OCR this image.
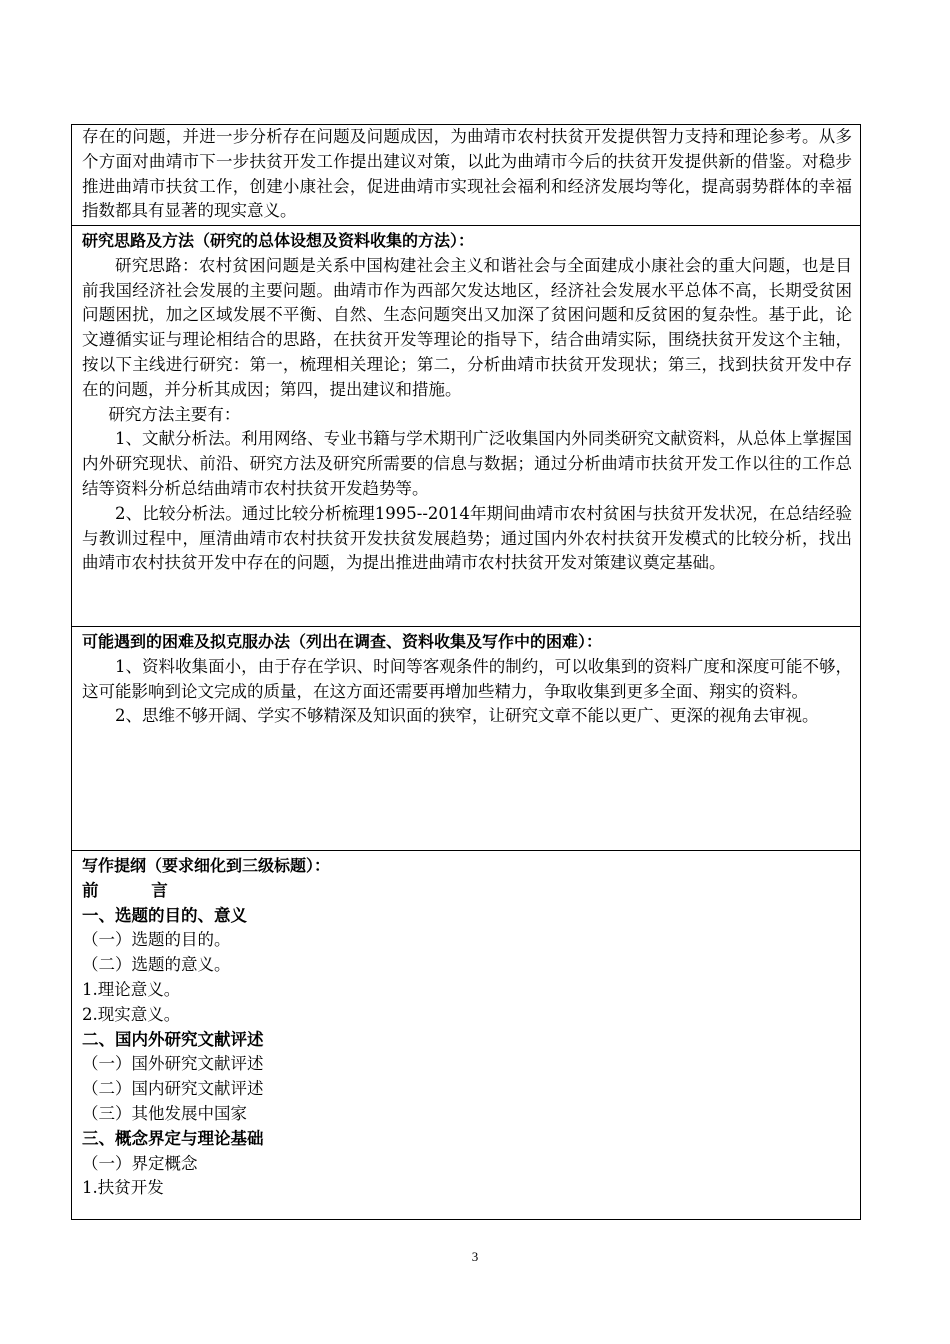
存在的问题，并进一步分析存在问题及问题成因，为曲靖市农村扶贫开发提供智力支持和理论参考。从多个方面对曲靖市下一步扶贫开发工作提出建议对策，以此为曲靖市今后的扶贫开发提供新的借鉴。对稳步推进曲靖市扶贫工作，创建小康社会，促进曲靖市实现社会福利和经济发展均等化，提高弱势群体的幸福指数都具有显著的现实意义。

研究思路及方法（研究的总体设想及资料收集的方法）：

研究思路：农村贫困问题是关系中国构建社会主义和谐社会与全面建成小康社会的重大问题，也是目前我国经济社会发展的主要问题。曲靖市作为西部欠发达地区，经济社会发展水平总体不高，长期受贫困问题困扰，加之区域发展不平衡、自然、生态问题突出又加深了贫困问题和反贫困的复杂性。基于此，论文遵循实证与理论相结合的思路，在扶贫开发等理论的指导下，结合曲靖实际，围绕扶贫开发这个主轴，按以下主线进行研究：第一，梳理相关理论；第二，分析曲靖市扶贫开发现状；第三，找到扶贫开发中存在的问题，并分析其成因；第四，提出建议和措施。

研究方法主要有：

1、文献分析法。利用网络、专业书籍与学术期刊广泛收集国内外同类研究文献资料，从总体上掌握国内外研究现状、前沿、研究方法及研究所需要的信息与数据；通过分析曲靖市扶贫开发工作以往的工作总结等资料分析总结曲靖市农村扶贫开发趋势等。

2、比较分析法。通过比较分析梳理1995--2014年期间曲靖市农村贫困与扶贫开发状况，在总结经验与教训过程中，厘清曲靖市农村扶贫开发扶贫发展趋势；通过国内外农村扶贫开发模式的比较分析，找出曲靖市农村扶贫开发中存在的问题，为提出推进曲靖市农村扶贫开发对策建议奠定基础。

可能遇到的困难及拟克服办法（列出在调查、资料收集及写作中的困难）：

1、资料收集面小，由于存在学识、时间等客观条件的制约，可以收集到的资料广度和深度可能不够，这可能影响到论文完成的质量，在这方面还需要再增加些精力，争取收集到更多全面、翔实的资料。

2、思维不够开阔、学实不够精深及知识面的狭窄，让研究文章不能以更广、更深的视角去审视。

写作提纲（要求细化到三级标题）：

前言

一、选题的目的、意义

（一）选题的目的。

（二）选题的意义。

1.理论意义。

2.现实意义。

二、国内外研究文献评述

（一）国外研究文献评述

（二）国内研究文献评述

（三）其他发展中国家

三、概念界定与理论基础

（一）界定概念

1.扶贫开发

3
